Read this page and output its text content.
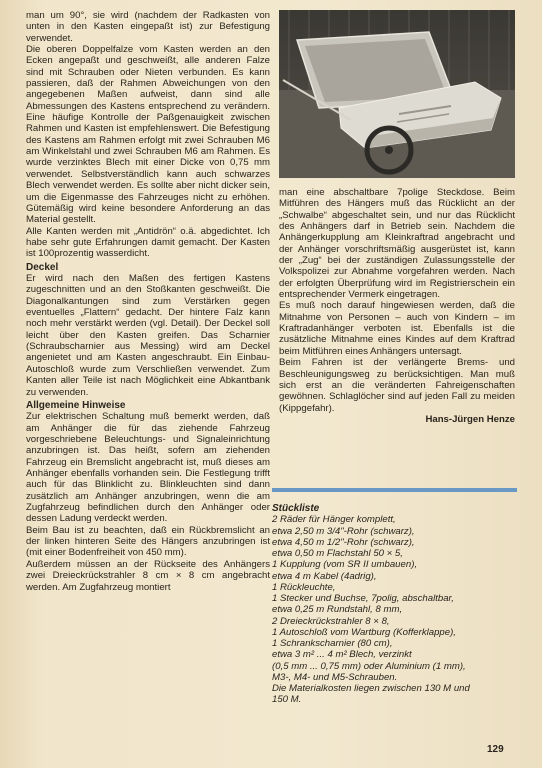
man um 90°, sie wird (nachdem der Radkasten von unten in den Kasten eingepaßt ist) zur Befestigung verwendet.

Die oberen Doppelfalze vom Kasten werden an den Ecken angepaßt und geschweißt, alle anderen Falze sind mit Schrauben oder Nieten verbunden. Es kann passieren, daß der Rahmen Abweichungen von den angegebenen Maßen aufweist, dann sind alle Abmessungen des Kastens entsprechend zu verändern. Eine häufige Kontrolle der Paßgenauigkeit zwischen Rahmen und Kasten ist empfehlenswert. Die Befestigung des Kastens am Rahmen erfolgt mit zwei Schrauben M6 am Winkelstahl und zwei Schrauben M6 am Rahmen. Es wurde verzinktes Blech mit einer Dicke von 0,75 mm verwendet. Selbstverständlich kann auch schwarzes Blech verwendet werden. Es sollte aber nicht dicker sein, um die Eigenmasse des Fahrzeuges nicht zu erhöhen. Gütemäßig wird keine besondere Anforderung an das Material gestellt.

Alle Kanten werden mit „Antidrön“ o.ä. abgedichtet. Ich habe sehr gute Erfahrungen damit gemacht. Der Kasten ist 100prozentig wasserdicht.

Deckel

Er wird nach den Maßen des fertigen Kastens zugeschnitten und an den Stoßkanten geschweißt. Die Diagonalkantungen sind zum Verstärken gegen eventuelles „Flattern“ gedacht. Der hintere Falz kann noch mehr verstärkt werden (vgl. Detail). Der Deckel soll leicht über den Kasten greifen. Das Scharnier (Schraubscharnier aus Messing) wird am Deckel angenietet und am Kasten angeschraubt. Ein Einbau-Autoschloß wurde zum Verschließen verwendet. Zum Kanten aller Teile ist nach Möglichkeit eine Abkantbank zu verwenden.

Allgemeine Hinweise

Zur elektrischen Schaltung muß bemerkt werden, daß am Anhänger die für das ziehende Fahrzeug vorgeschriebene Beleuchtungs- und Signaleinrichtung anzubringen ist. Das heißt, sofern am ziehenden Fahrzeug ein Bremslicht angebracht ist, muß dieses am Anhänger ebenfalls vorhanden sein. Die Festlegung trifft auch für das Blinklicht zu. Blinkleuchten sind dann zusätzlich am Anhänger anzubringen, wenn die am Zugfahrzeug befindlichen durch den Anhänger oder dessen Ladung verdeckt werden.

Beim Bau ist zu beachten, daß ein Rückbremslicht an der linken hinteren Seite des Hängers anzubringen ist (mit einer Bodenfreiheit von 450 mm).

Außerdem müssen an der Rückseite des Anhängers zwei Dreieckrückstrahler 8 cm × 8 cm angebracht werden. Am Zugfahrzeug montiert

man eine abschaltbare 7polige Steckdose. Beim Mitführen des Hängers muß das Rücklicht an der „Schwalbe“ abgeschaltet sein, und nur das Rücklicht des Anhängers darf in Betrieb sein. Nachdem die Anhängerkupplung am Kleinkraftrad angebracht und der Anhänger vorschriftsmäßig ausgerüstet ist, kann der „Zug“ bei der zuständigen Zulassungsstelle der Volkspolizei zur Abnahme vorgefahren werden. Nach der erfolgten Überprüfung wird im Registrierschein ein entsprechender Vermerk eingetragen.

Es muß noch darauf hingewiesen werden, daß die Mitnahme von Personen – auch von Kindern – im Kraftradanhänger verboten ist. Ebenfalls ist die zusätzliche Mitnahme eines Kindes auf dem Kraftrad beim Mitführen eines Anhängers untersagt.

Beim Fahren ist der verlängerte Brems- und Beschleunigungsweg zu berücksichtigen. Man muß sich erst an die veränderten Fahreigenschaften gewöhnen. Schlaglöcher sind auf jeden Fall zu meiden (Kippgefahr).

Hans-Jürgen Henze

Stückliste

2 Räder für Hänger komplett,

etwa 2,50 m 3/4"-Rohr (schwarz),

etwa 4,50 m 1/2"-Rohr (schwarz),

etwa 0,50 m Flachstahl 50 × 5,

1 Kupplung (vom SR II umbauen),

etwa 4 m Kabel (4adrig),

1 Rückleuchte,

1 Stecker und Buchse, 7polig, abschaltbar,

etwa 0,25 m Rundstahl, 8 mm,

2 Dreieckrückstrahler 8 × 8,

1 Autoschloß vom Wartburg (Kofferklappe),

1 Schrankscharnier (80 cm),

etwa 3 m² ... 4 m² Blech, verzinkt

(0,5 mm ... 0,75 mm) oder Aluminium (1 mm),

M3-, M4- und M5-Schrauben.

Die Materialkosten liegen zwischen 130 M und

150 M.

129
